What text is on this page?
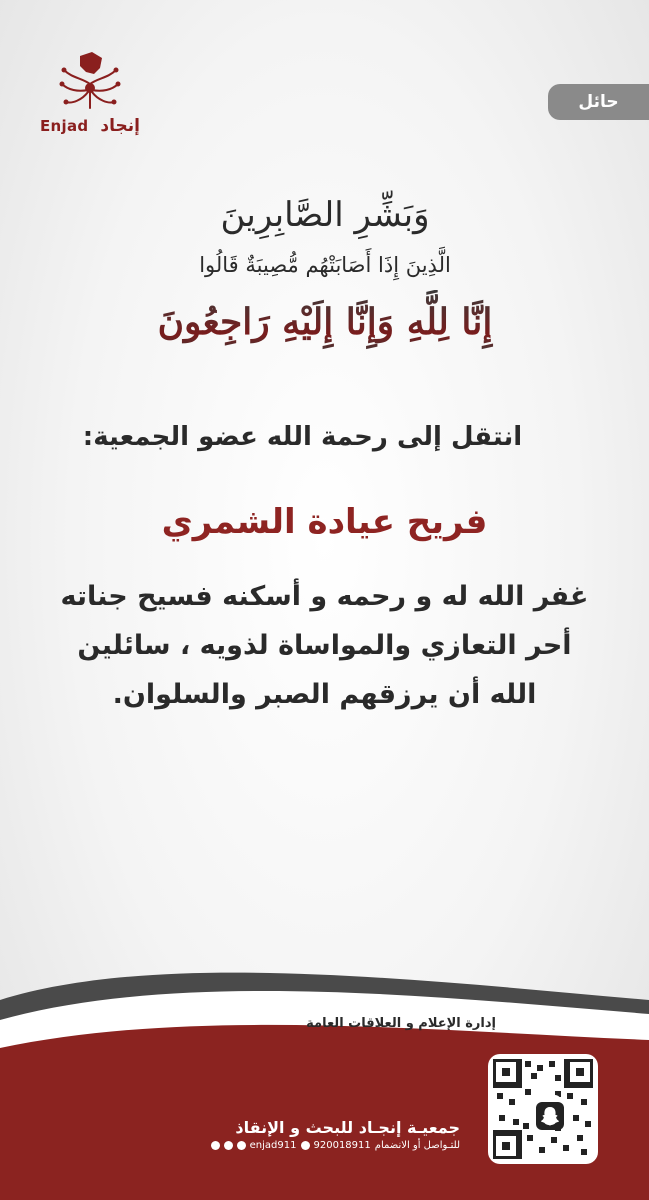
Enjad إنجاد
حائل
وَبَشِّرِ الصَّابِرِينَ
الَّذِينَ إِذَا أَصَابَتْهُم مُّصِيبَةٌ قَالُوا
إِنَّا لِلَّهِ وَإِنَّا إِلَيْهِ رَاجِعُونَ
انتقل إلى رحمة الله عضو الجمعية:
فريح عيادة الشمري
غفر الله له و رحمه و أسكنه فسيح جناته أحر التعازي والمواساة لذويه ، سائلين الله أن يرزقهم الصبر والسلوان.
إدارة الإعلام و العلاقات العامة
جمعيـة إنجـاد للبحث و الإنقاذ
للتـواصل أو الانضمام
920018911
enjad911
